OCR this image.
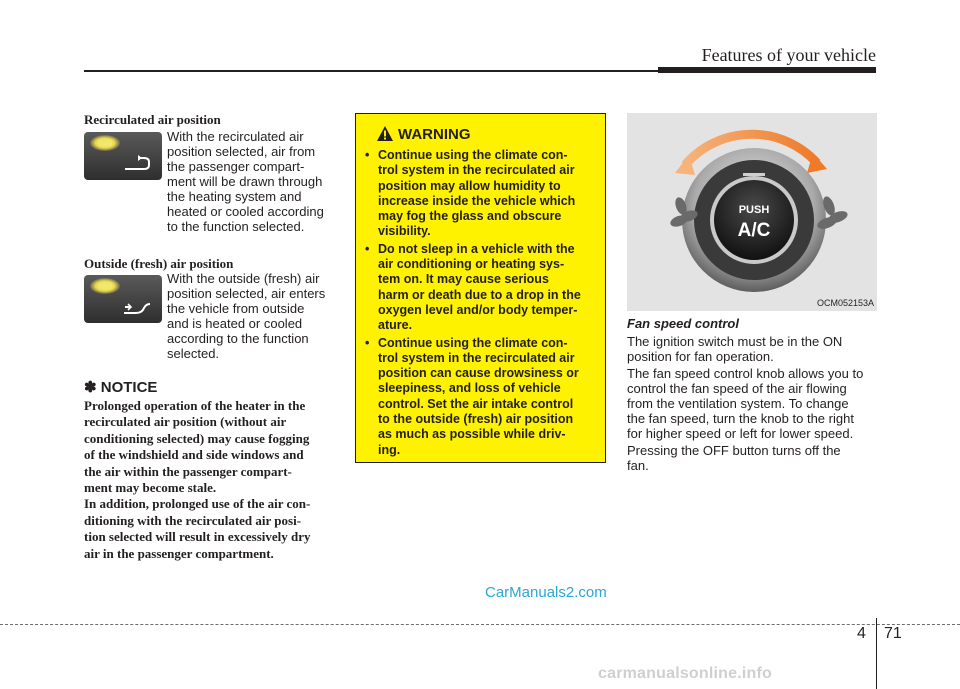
Features of your vehicle
Recirculated air position
With the recirculated air
position selected, air from
the passenger compart-
ment will be drawn through
the heating system and
heated or cooled according
to the function selected.
Outside (fresh) air position
With the outside (fresh) air
position selected, air enters
the vehicle from outside
and is heated or cooled
according to the function
selected.
✽ NOTICE
Prolonged operation of the heater in the
recirculated air position (without air
conditioning selected) may cause fogging
of the windshield and side windows and
the air within the passenger compart-
ment may become stale.
In addition, prolonged use of the air con-
ditioning with the recirculated air posi-
tion selected will result in excessively dry
air in the passenger compartment.
WARNING
• Continue using the climate con-
trol system in the recirculated air
position may allow humidity to
increase inside the vehicle which
may fog the glass and obscure
visibility.
• Do not sleep in a vehicle with the
air conditioning or heating sys-
tem on. It may cause serious
harm or death due to a drop in the
oxygen level and/or body temper-
ature.
• Continue using the climate con-
trol system in the recirculated air
position can cause drowsiness or
sleepiness, and loss of vehicle
control. Set the air intake control
to the outside (fresh) air position
as much as possible while driv-
ing.
PUSH
A/C
OCM052153A
Fan speed control
The ignition switch must be in the ON
position for fan operation.
The fan speed control knob allows you to
control the fan speed of the air flowing
from the ventilation system. To change
the fan speed, turn the knob to the right
for higher speed or left for lower speed.
Pressing the OFF button turns off the
fan.
CarManuals2.com
4 71
carmanualsonline.info
